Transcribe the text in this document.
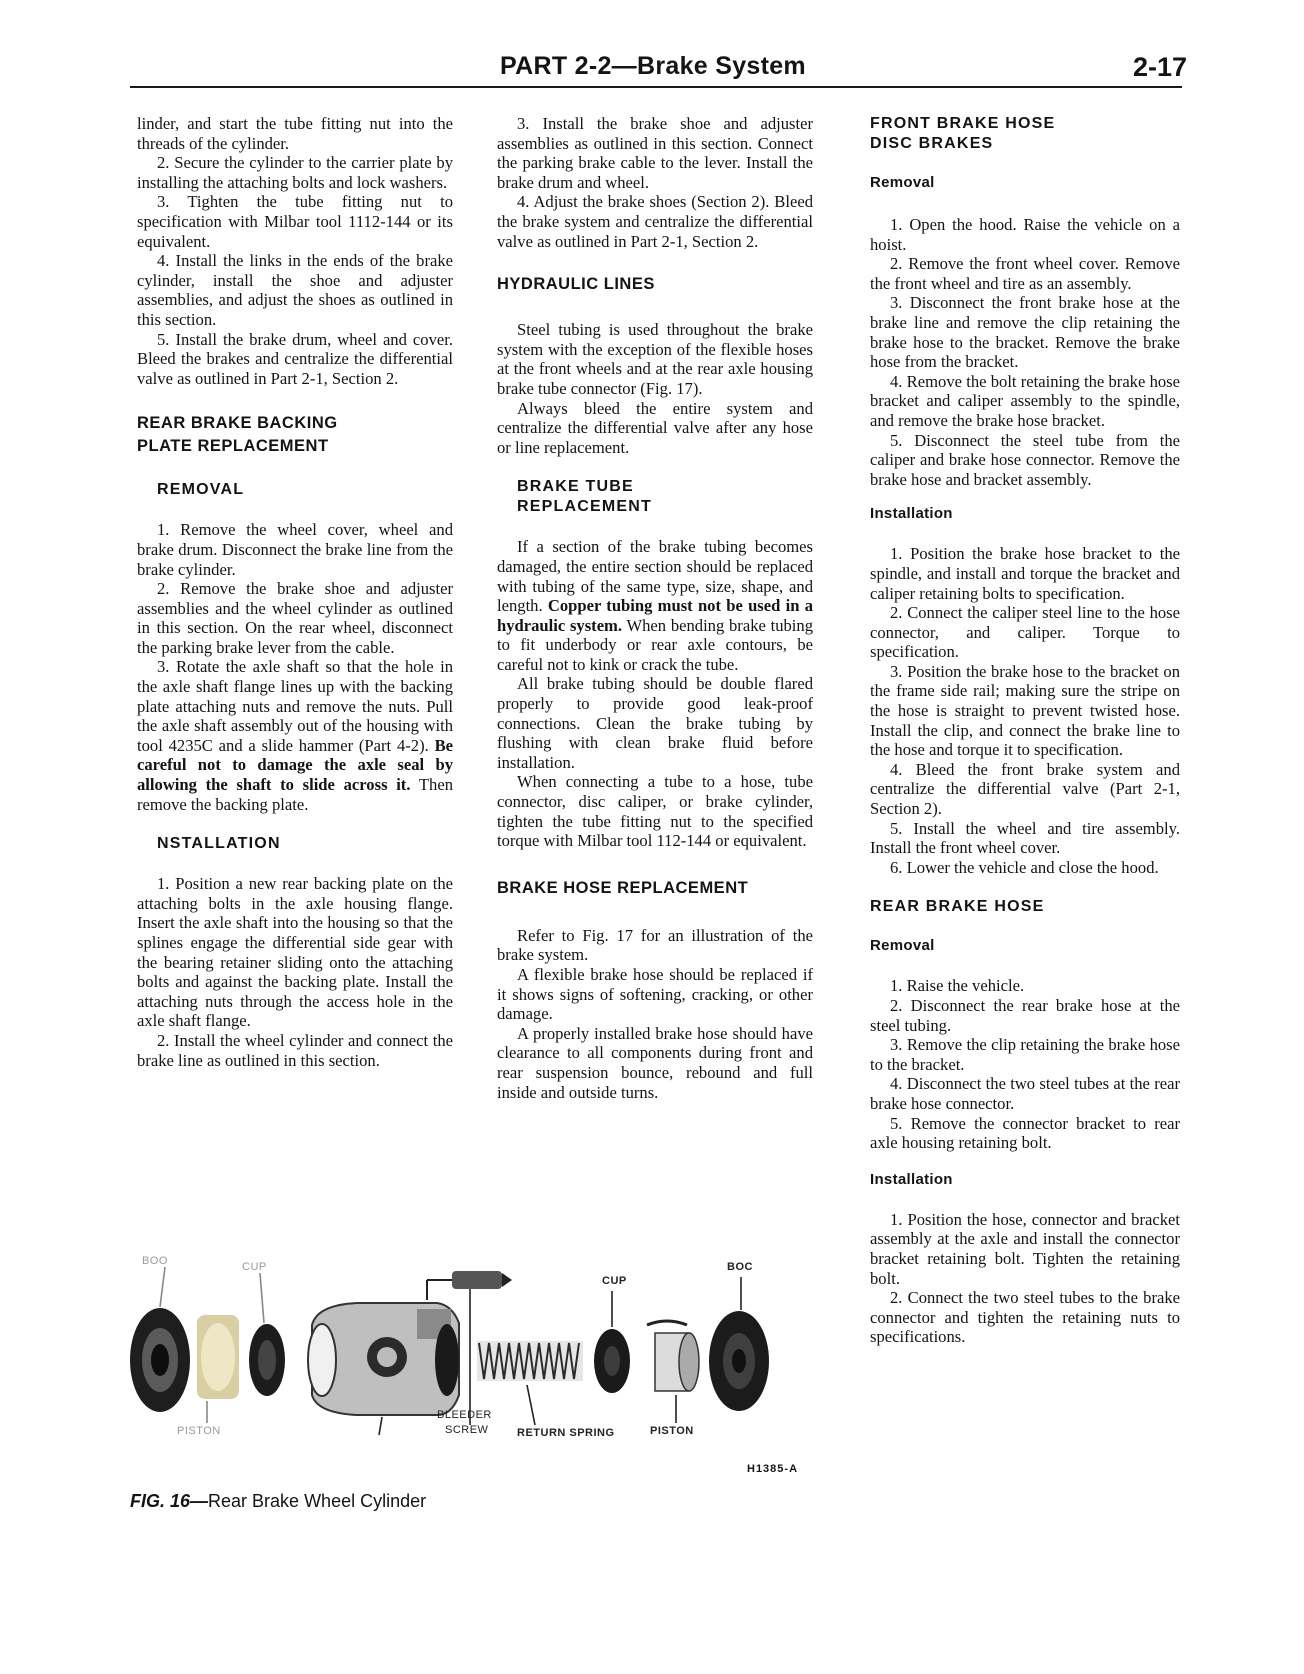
PART 2-2—Brake System	2-17

linder, and start the tube fitting nut into the threads of the cylinder.

2. Secure the cylinder to the carrier plate by installing the attaching bolts and lock washers.

3. Tighten the tube fitting nut to specification with Milbar tool 1112-144 or its equivalent.

4. Install the links in the ends of the brake cylinder, install the shoe and adjuster assemblies, and adjust the shoes as outlined in this section.

5. Install the brake drum, wheel and cover. Bleed the brakes and centralize the differential valve as outlined in Part 2-1, Section 2.

REAR BRAKE BACKING
PLATE REPLACEMENT
REMOVAL

1. Remove the wheel cover, wheel and brake drum. Disconnect the brake line from the brake cylinder.

2. Remove the brake shoe and adjuster assemblies and the wheel cylinder as outlined in this section. On the rear wheel, disconnect the parking brake lever from the cable.

3. Rotate the axle shaft so that the hole in the axle shaft flange lines up with the backing plate attaching nuts and remove the nuts. Pull the axle shaft assembly out of the housing with tool 4235C and a slide hammer (Part 4-2). Be careful not to damage the axle seal by allowing the shaft to slide across it. Then remove the backing plate.

NSTALLATION

1. Position a new rear backing plate on the attaching bolts in the axle housing flange. Insert the axle shaft into the housing so that the splines engage the differential side gear with the bearing retainer sliding onto the attaching bolts and against the backing plate. Install the attaching nuts through the access hole in the axle shaft flange.

2. Install the wheel cylinder and connect the brake line as outlined in this section.

3. Install the brake shoe and adjuster assemblies as outlined in this section. Connect the parking brake cable to the lever. Install the brake drum and wheel.

4. Adjust the brake shoes (Section 2). Bleed the brake system and centralize the differential valve as outlined in Part 2-1, Section 2.

HYDRAULIC LINES

Steel tubing is used throughout the brake system with the exception of the flexible hoses at the front wheels and at the rear axle housing brake tube connector (Fig. 17).

Always bleed the entire system and centralize the differential valve after any hose or line replacement.

BRAKE TUBE
REPLACEMENT

If a section of the brake tubing becomes damaged, the entire section should be replaced with tubing of the same type, size, shape, and length. Copper tubing must not be used in a hydraulic system. When bending brake tubing to fit underbody or rear axle contours, be careful not to kink or crack the tube.

All brake tubing should be double flared properly to provide good leak-proof connections. Clean the brake tubing by flushing with clean brake fluid before installation.

When connecting a tube to a hose, tube connector, disc caliper, or brake cylinder, tighten the tube fitting nut to the specified torque with Milbar tool 112-144 or equivalent.

BRAKE HOSE REPLACEMENT

Refer to Fig. 17 for an illustration of the brake system.

A flexible brake hose should be replaced if it shows signs of softening, cracking, or other damage.

A properly installed brake hose should have clearance to all components during front and rear suspension bounce, rebound and full inside and outside turns.

FRONT BRAKE HOSE
DISC BRAKES
Removal

1. Open the hood. Raise the vehicle on a hoist.

2. Remove the front wheel cover. Remove the front wheel and tire as an assembly.

3. Disconnect the front brake hose at the brake line and remove the clip retaining the brake hose to the bracket. Remove the brake hose from the bracket.

4. Remove the bolt retaining the brake hose bracket and caliper assembly to the spindle, and remove the brake hose bracket.

5. Disconnect the steel tube from the caliper and brake hose connector. Remove the brake hose and bracket assembly.

Installation

1. Position the brake hose bracket to the spindle, and install and torque the bracket and caliper retaining bolts to specification.

2. Connect the caliper steel line to the hose connector, and caliper. Torque to specification.

3. Position the brake hose to the bracket on the frame side rail; making sure the stripe on the hose is straight to prevent twisted hose. Install the clip, and connect the brake line to the hose and torque it to specification.

4. Bleed the front brake system and centralize the differential valve (Part 2-1, Section 2).

5. Install the wheel and tire assembly. Install the front wheel cover.

6. Lower the vehicle and close the hood.

REAR BRAKE HOSE
Removal

1. Raise the vehicle.

2. Disconnect the rear brake hose at the steel tubing.

3. Remove the clip retaining the brake hose to the bracket.

4. Disconnect the two steel tubes at the rear brake hose connector.

5. Remove the connector bracket to rear axle housing retaining bolt.

Installation

1. Position the hose, connector and bracket assembly at the axle and install the connector bracket retaining bolt. Tighten the retaining bolt.

2. Connect the two steel tubes to the brake connector and tighten the retaining nuts to specifications.

BOO	CUP
PISTON
BLEEDER
SCREW	RETURN SPRING
CUP
PISTON
BOC
H1385-A
FIG. 16—Rear Brake Wheel Cylinder
